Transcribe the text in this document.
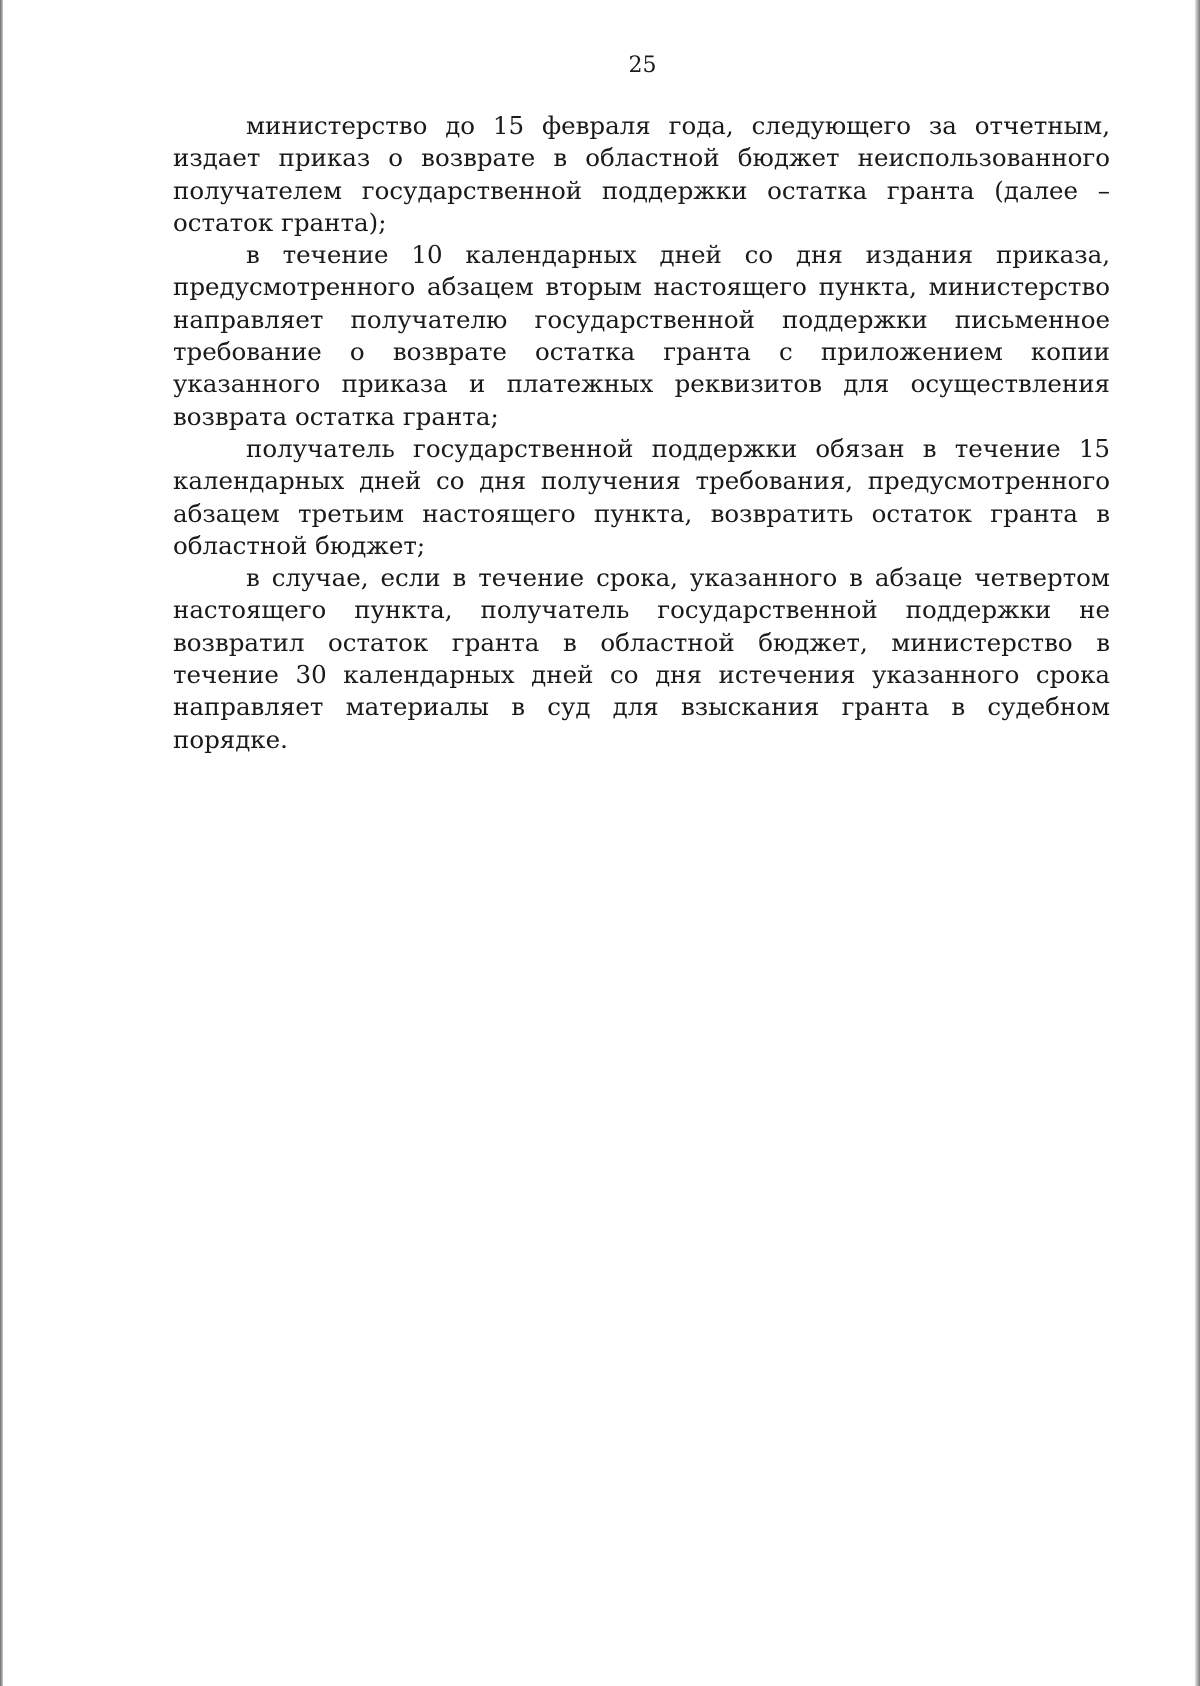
25

министерство до 15 февраля года, следующего за отчетным, издает приказ о возврате в областной бюджет неиспользованного получателем государственной поддержки остатка гранта (далее – остаток гранта);

в течение 10 календарных дней со дня издания приказа, предусмотренного абзацем вторым настоящего пункта, министерство направляет получателю государственной поддержки письменное требование о возврате остатка гранта с приложением копии указанного приказа и платежных реквизитов для осуществления возврата остатка гранта;

получатель государственной поддержки обязан в течение 15 календарных дней со дня получения требования, предусмотренного абзацем третьим настоящего пункта, возвратить остаток гранта в областной бюджет;

в случае, если в течение срока, указанного в абзаце четвертом настоящего пункта, получатель государственной поддержки не возвратил остаток гранта в областной бюджет, министерство в течение 30 календарных дней со дня истечения указанного срока направляет материалы в суд для взыскания гранта в судебном порядке.
